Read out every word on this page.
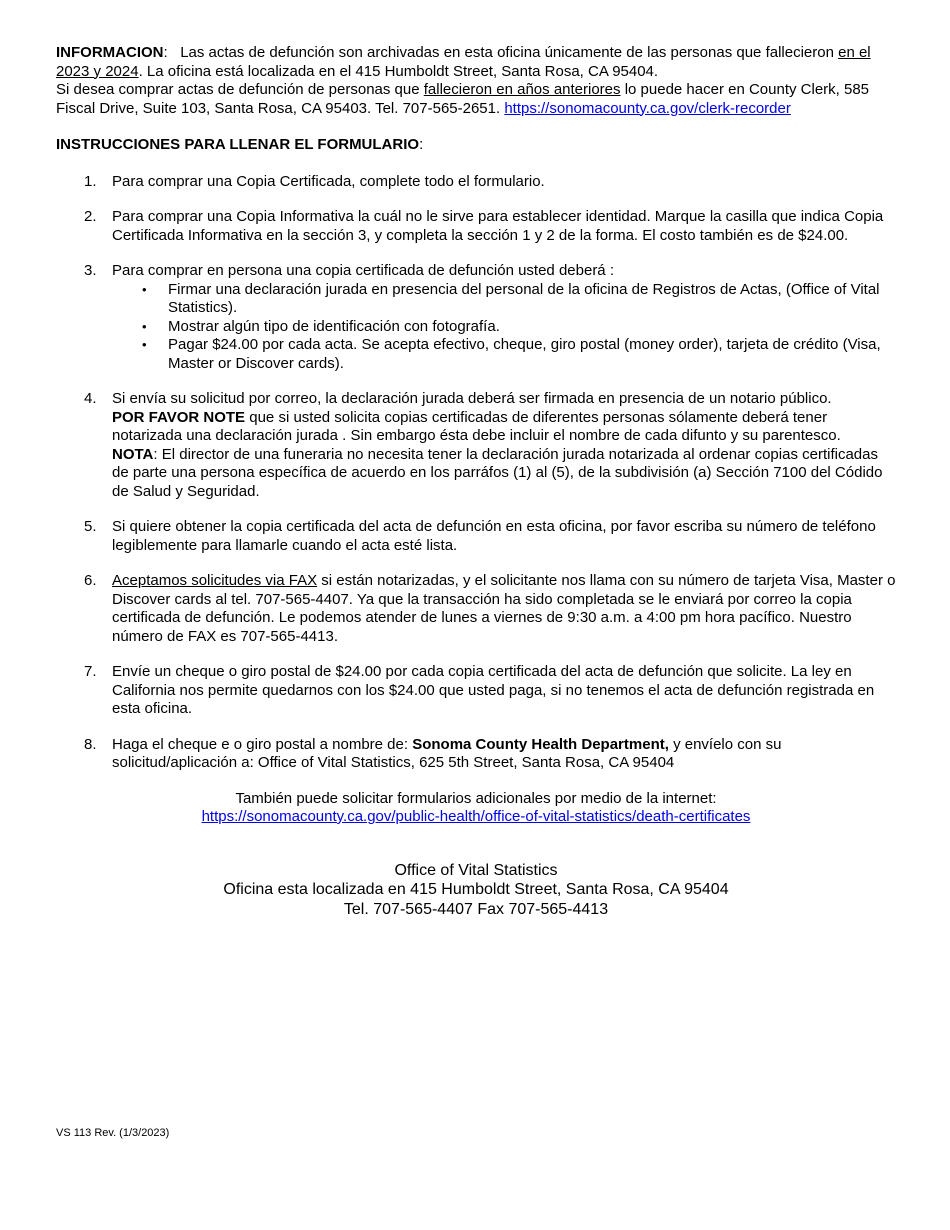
INFORMACION: Las actas de defunción son archivadas en esta oficina únicamente de las personas que fallecieron en el 2023 y 2024. La oficina está localizada en el 415 Humboldt Street, Santa Rosa, CA 95404.
Si desea comprar actas de defunción de personas que fallecieron en años anteriores lo puede hacer en County Clerk, 585 Fiscal Drive, Suite 103, Santa Rosa, CA 95403. Tel. 707-565-2651. https://sonomacounty.ca.gov/clerk-recorder

INSTRUCCIONES PARA LLENAR EL FORMULARIO:

1. Para comprar una Copia Certificada, complete todo el formulario.
2. Para comprar una Copia Informativa la cuál no le sirve para establecer identidad. Marque la casilla que indica Copia Certificada Informativa en la sección 3, y completa la sección 1 y 2 de la forma. El costo también es de $24.00.
3. Para comprar en persona una copia certificada de defunción usted deberá :
• Firmar una declaración jurada en presencia del personal de la oficina de Registros de Actas, (Office of Vital Statistics).
• Mostrar algún tipo de identificación con fotografía.
• Pagar $24.00 por cada acta. Se acepta efectivo, cheque, giro postal (money order), tarjeta de crédito (Visa, Master or Discover cards).
4. Si envía su solicitud por correo, la declaración jurada deberá ser firmada en presencia de un notario público.
POR FAVOR NOTE que si usted solicita copias certificadas de diferentes personas sólamente deberá tener notarizada una declaración jurada . Sin embargo ésta debe incluir el nombre de cada difunto y su parentesco.
NOTA: El director de una funeraria no necesita tener la declaración jurada notarizada al ordenar copias certificadas de parte una persona específica de acuerdo en los parráfos (1) al (5), de la subdivisión (a) Sección 7100 del Códido de Salud y Seguridad.
5. Si quiere obtener la copia certificada del acta de defunción en esta oficina, por favor escriba su número de teléfono legiblemente para llamarle cuando el acta esté lista.
6. Aceptamos solicitudes via FAX si están notarizadas, y el solicitante nos llama con su número de tarjeta Visa, Master o Discover cards al tel. 707-565-4407. Ya que la transacción ha sido completada se le enviará por correo la copia certificada de defunción. Le podemos atender de lunes a viernes de 9:30 a.m. a 4:00 pm hora pacífico. Nuestro número de FAX es 707-565-4413.
7. Envíe un cheque o giro postal de $24.00 por cada copia certificada del acta de defunción que solicite. La ley en California nos permite quedarnos con los $24.00 que usted paga, si no tenemos el acta de defunción registrada en esta oficina.
8. Haga el cheque e o giro postal a nombre de: Sonoma County Health Department, y envíelo con su solicitud/aplicación a: Office of Vital Statistics, 625 5th Street, Santa Rosa, CA 95404

También puede solicitar formularios adicionales por medio de la internet:

https://sonomacounty.ca.gov/public-health/office-of-vital-statistics/death-certificates

Office of Vital Statistics

Oficina esta localizada en 415 Humboldt Street, Santa Rosa, CA 95404

Tel. 707-565-4407 Fax 707-565-4413

VS 113 Rev. (1/3/2023)
